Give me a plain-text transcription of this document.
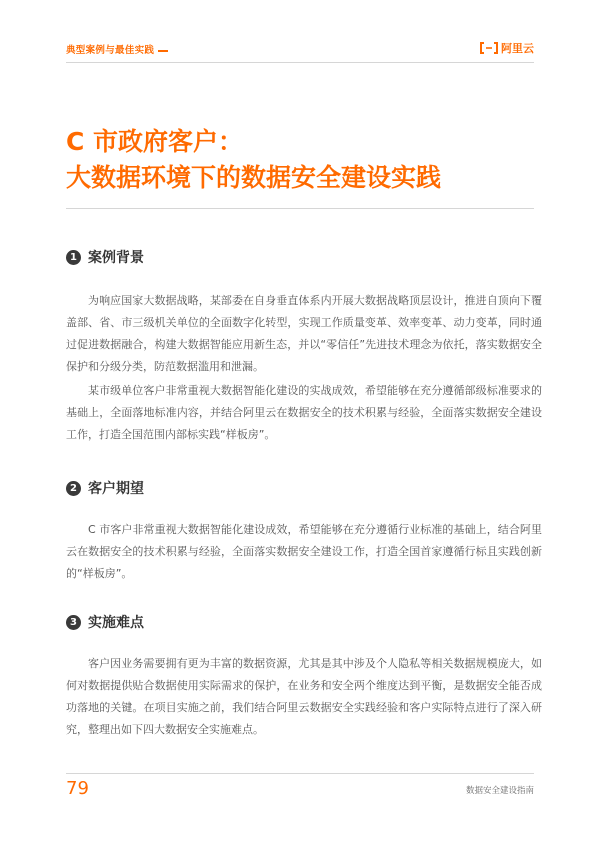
典型案例与最佳实践	阿里云
C 市政府客户：
大数据环境下的数据安全建设实践
1 案例背景

为响应国家大数据战略，某部委在自身垂直体系内开展大数据战略顶层设计，推进自顶向下覆盖部、省、市三级机关单位的全面数字化转型，实现工作质量变革、效率变革、动力变革，同时通过促进数据融合，构建大数据智能应用新生态，并以“零信任”先进技术理念为依托，落实数据安全保护和分级分类，防范数据滥用和泄漏。

某市级单位客户非常重视大数据智能化建设的实战成效，希望能够在充分遵循部级标准要求的基础上，全面落地标准内容，并结合阿里云在数据安全的技术积累与经验，全面落实数据安全建设工作，打造全国范围内部标实践“样板房”。

2 客户期望

C 市客户非常重视大数据智能化建设成效，希望能够在充分遵循行业标准的基础上，结合阿里云在数据安全的技术积累与经验，全面落实数据安全建设工作，打造全国首家遵循行标且实践创新的“样板房”。

3 实施难点

客户因业务需要拥有更为丰富的数据资源，尤其是其中涉及个人隐私等相关数据规模庞大，如何对数据提供贴合数据使用实际需求的保护，在业务和安全两个维度达到平衡，是数据安全能否成功落地的关键。在项目实施之前，我们结合阿里云数据安全实践经验和客户实际特点进行了深入研究，整理出如下四大数据安全实施难点。

79	数据安全建设指南
